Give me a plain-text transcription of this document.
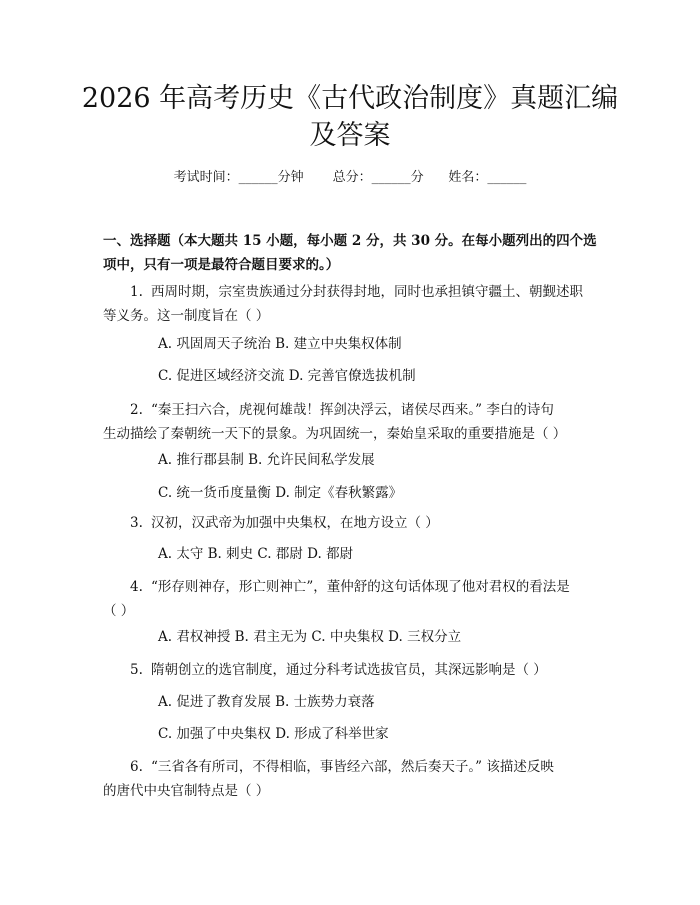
2026 年高考历史《古代政治制度》真题汇编
及答案
考试时间：______分钟 总分：______分 姓名：______

一、选择题（本大题共 15 小题，每小题 2 分，共 30 分。在每小题列出的四个选
项中，只有一项是最符合题目要求的。）

1. 西周时期，宗室贵族通过分封获得封地，同时也承担镇守疆土、朝觐述职
等义务。这一制度旨在（ ）

A. 巩固周天子统治 B. 建立中央集权体制

C. 促进区域经济交流 D. 完善官僚选拔机制

2. “秦王扫六合，虎视何雄哉！挥剑决浮云，诸侯尽西来。” 李白的诗句
生动描绘了秦朝统一天下的景象。为巩固统一，秦始皇采取的重要措施是（ ）

A. 推行郡县制 B. 允许民间私学发展

C. 统一货币度量衡 D. 制定《春秋繁露》

3. 汉初，汉武帝为加强中央集权，在地方设立（ ）

A. 太守 B. 刺史 C. 郡尉 D. 都尉

4. “形存则神存，形亡则神亡”，董仲舒的这句话体现了他对君权的看法是
（ ）

A. 君权神授 B. 君主无为 C. 中央集权 D. 三权分立

5. 隋朝创立的选官制度，通过分科考试选拔官员，其深远影响是（ ）

A. 促进了教育发展 B. 士族势力衰落

C. 加强了中央集权 D. 形成了科举世家

6. “三省各有所司，不得相临，事皆经六部，然后奏天子。” 该描述反映
的唐代中央官制特点是（ ）
